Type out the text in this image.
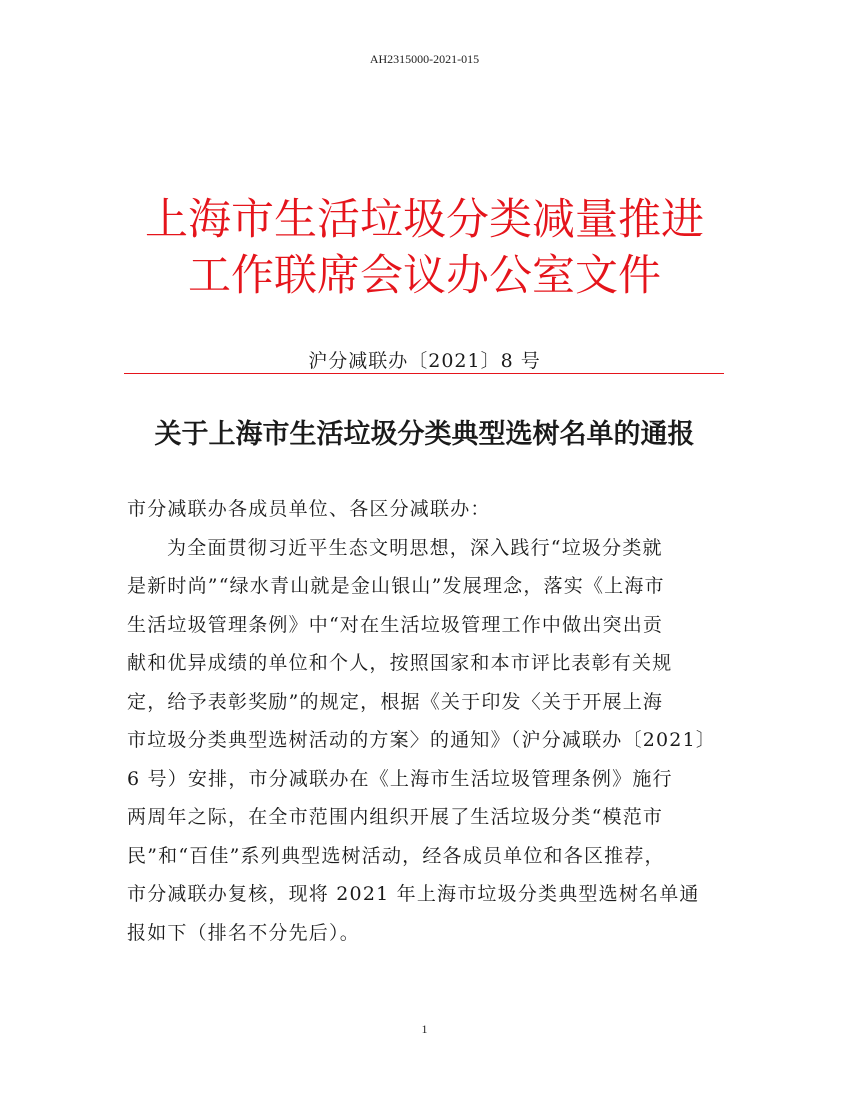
AH2315000-2021-015
上海市生活垃圾分类减量推进
工作联席会议办公室文件
沪分减联办〔2021〕8 号
关于上海市生活垃圾分类典型选树名单的通报
市分减联办各成员单位、各区分减联办：
为全面贯彻习近平生态文明思想，深入践行“垃圾分类就
是新时尚”“绿水青山就是金山银山”发展理念，落实《上海市
生活垃圾管理条例》中“对在生活垃圾管理工作中做出突出贡
献和优异成绩的单位和个人，按照国家和本市评比表彰有关规
定，给予表彰奖励”的规定，根据《关于印发〈关于开展上海
市垃圾分类典型选树活动的方案〉的通知》（沪分减联办〔2021〕
6 号）安排，市分减联办在《上海市生活垃圾管理条例》施行
两周年之际，在全市范围内组织开展了生活垃圾分类“模范市
民”和“百佳”系列典型选树活动，经各成员单位和各区推荐，
市分减联办复核，现将 2021 年上海市垃圾分类典型选树名单通
报如下（排名不分先后）。
1
